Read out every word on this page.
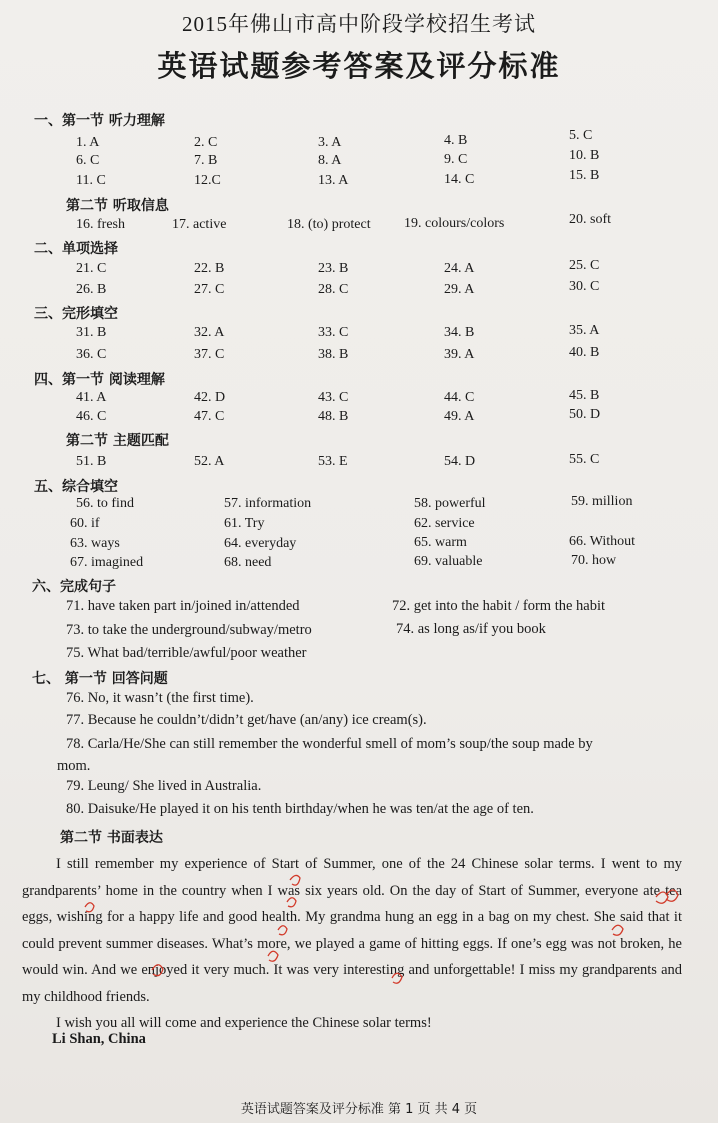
2015年佛山市高中阶段学校招生考试
英语试题参考答案及评分标准
一、第一节 听力理解
1. A	2. C	3. A	4. B	5. C
6. C	7. B	8. A	9. C	10. B
11. C	12.C	13. A	14. C	15. B
第二节 听取信息
16. fresh	17. active	18. (to) protect 19. colours/colors	20. soft
二、单项选择
21. C	22. B	23. B	24. A	25. C
26. B	27. C	28. C	29. A	30. C
三、完形填空
31. B	32. A	33. C	34. B	35. A
36. C	37. C	38. B	39. A	40. B
四、第一节 阅读理解
41. A	42. D	43. C	44. C	45. B
46. C	47. C	48. B	49. A	50. D
第二节 主题匹配
51. B	52. A	53. E	54. D	55. C
五、综合填空
56. to find	57. information	58. powerful	59. million
60. if	61. Try	62. service
63. ways	64. everyday	65. warm	66. Without
67. imagined	68. need	69. valuable	70. how
六、完成句子
71. have taken part in/joined in/attended	72. get into the habit / form the habit
73. to take the underground/subway/metro	74. as long as/if you book
75. What bad/terrible/awful/poor weather
七、 第一节 回答问题
76. No, it wasn’t (the first time).
77. Because he couldn’t/didn’t get/have (an/any) ice cream(s).
78. Carla/He/She can still remember the wonderful smell of mom’s soup/the soup made by
mom.
79. Leung/ She lived in Australia.
80. Daisuke/He played it on his tenth birthday/when he was ten/at the age of ten.
第二节 书面表达

I still remember my experience of Start of Summer, one of the 24 Chinese solar terms. I went to my grandparents’ home in the country when I was six years old. On the day of Start of Summer, everyone ate tea eggs, wishing for a happy life and good health. My grandma hung an egg in a bag on my chest. She said that it could prevent summer diseases. What’s more, we played a game of hitting eggs. If one’s egg was not broken, he would win. And we enjoyed it very much. It was very interesting and unforgettable! I miss my grandparents and my childhood friends.

I wish you all will come and experience the Chinese solar terms!

Li Shan, China
英语试题答案及评分标准 第 1 页 共 4 页
